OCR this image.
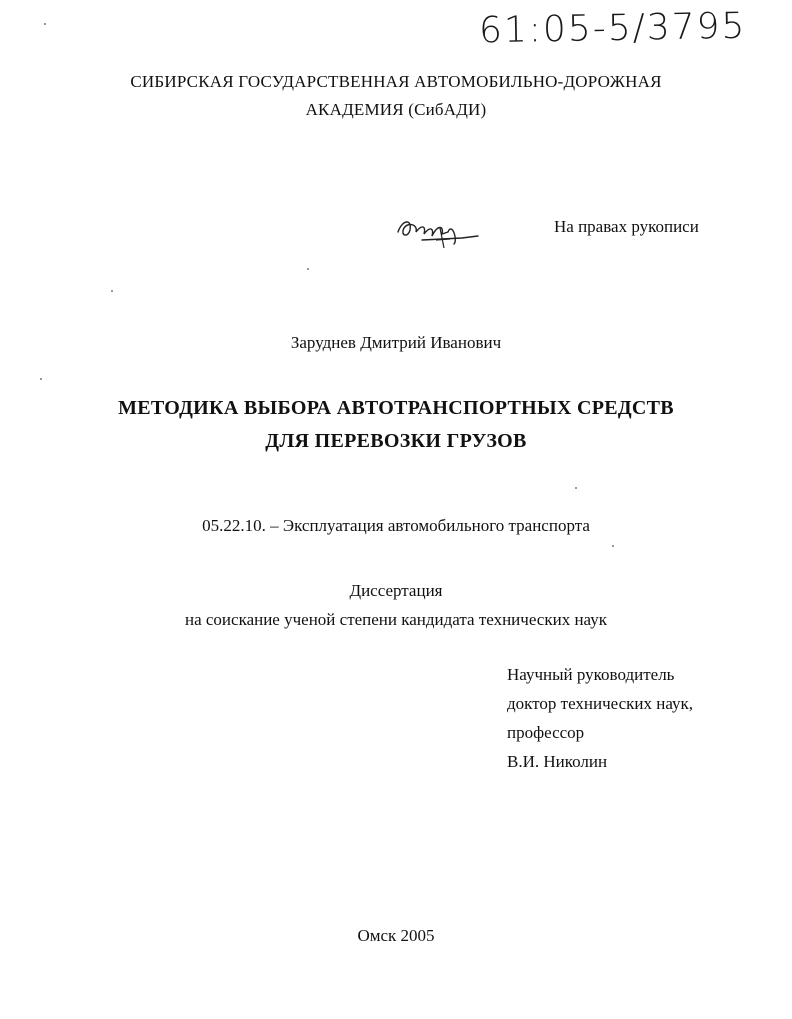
61:05-5/3795
СИБИРСКАЯ ГОСУДАРСТВЕННАЯ АВТОМОБИЛЬНО-ДОРОЖНАЯ
АКАДЕМИЯ (СибАДИ)
На правах рукописи
Заруднев Дмитрий Иванович
МЕТОДИКА ВЫБОРА АВТОТРАНСПОРТНЫХ СРЕДСТВ
ДЛЯ ПЕРЕВОЗКИ ГРУЗОВ
05.22.10. – Эксплуатация автомобильного транспорта
Диссертация
на соискание ученой степени кандидата технических наук
Научный руководитель
доктор технических наук,
профессор
В.И. Николин
Омск 2005
